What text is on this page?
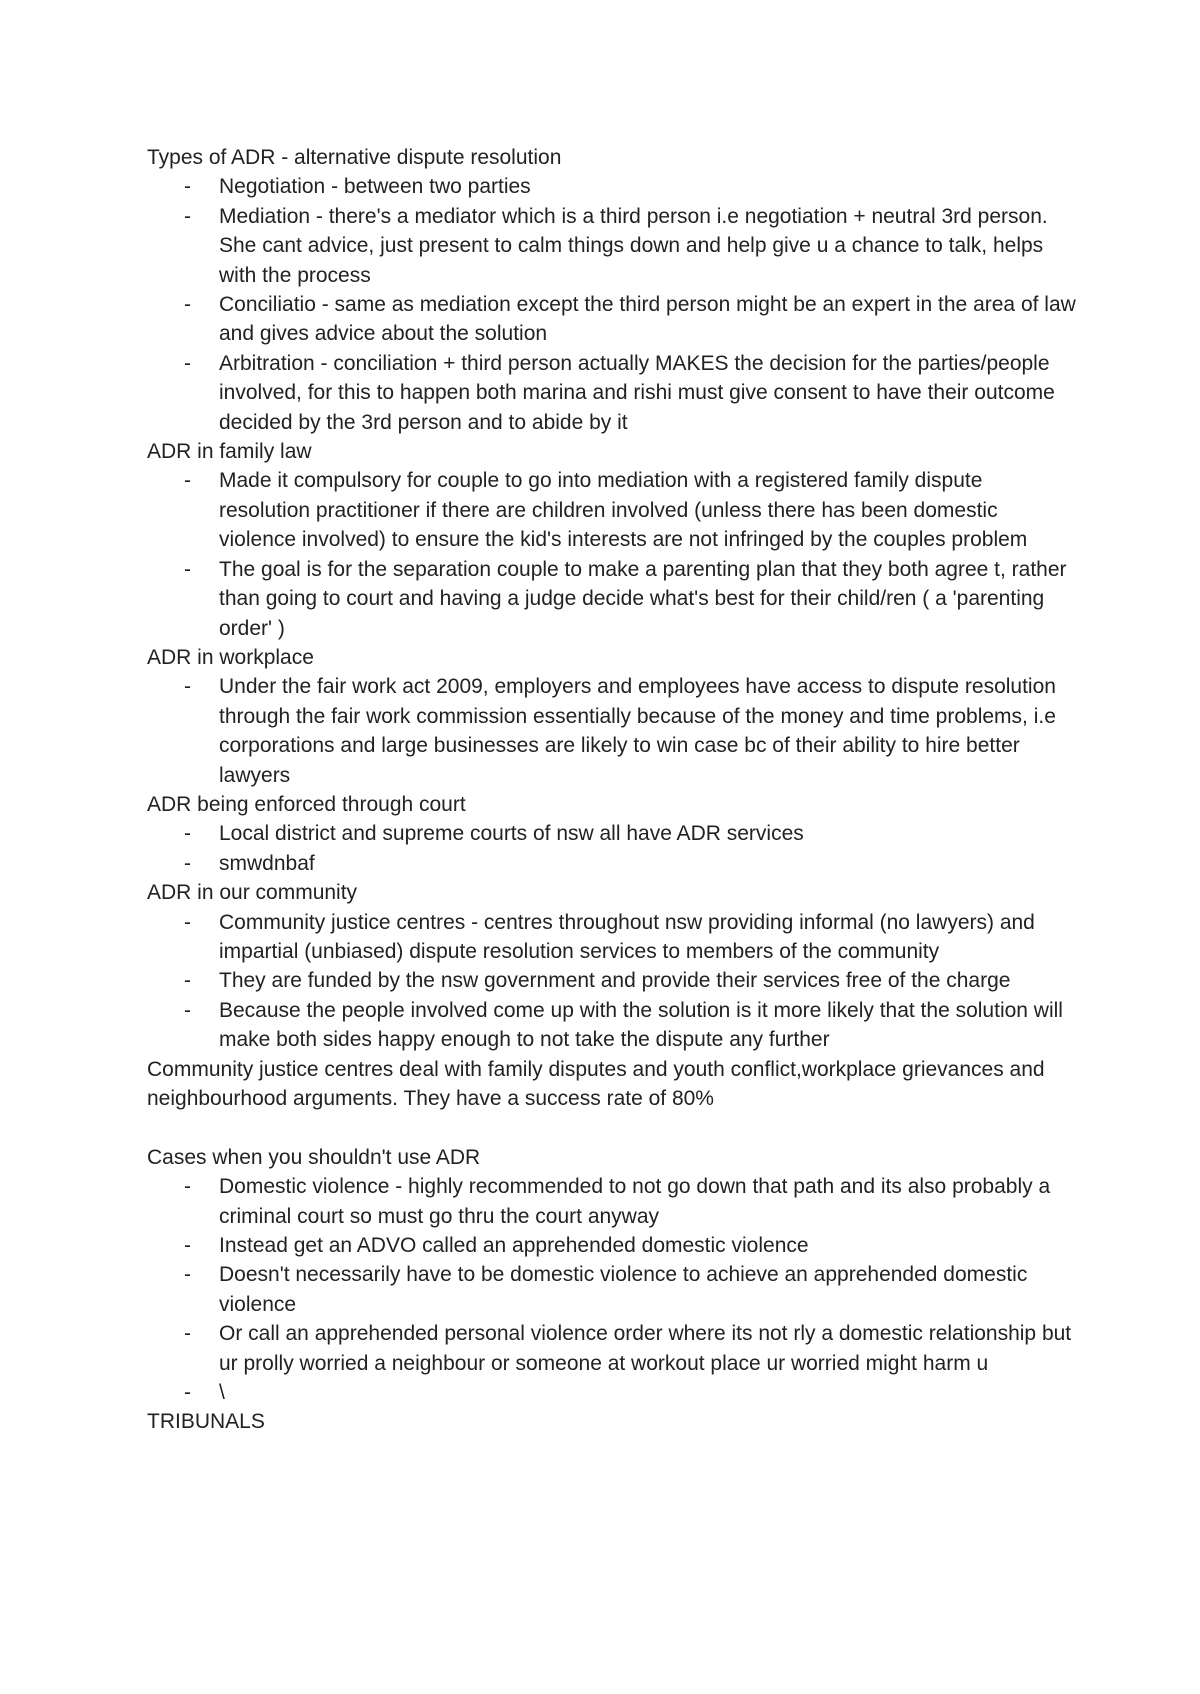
Types of ADR - alternative dispute resolution

- Negotiation - between two parties
- Mediation - there's a mediator which is a third person i.e negotiation + neutral 3rd person. She cant advice, just present to calm things down and help give u a chance to talk, helps with the process
- Conciliatio - same as mediation except the third person might be an expert in the area of law and gives advice about the solution
- Arbitration - conciliation + third person actually MAKES the decision for the parties/people involved, for this to happen both marina and rishi must give consent to have their outcome decided by the 3rd person and to abide by it

ADR in family law

- Made it compulsory for couple to go into mediation with a registered family dispute resolution practitioner if there are children involved (unless there has been domestic violence involved) to ensure the kid's interests are not infringed by the couples problem
- The goal is for the separation couple to make a parenting plan that they both agree t, rather than going to court and having a judge decide what's best for their child/ren ( a 'parenting order' )

ADR in workplace

- Under the fair work act 2009, employers and employees have access to dispute resolution through the fair work commission essentially because of the money and time problems, i.e corporations and large businesses are likely to win case bc of their ability to hire better lawyers

ADR being enforced through court

- Local district and supreme courts of nsw all have ADR services
- smwdnbaf

ADR in our community

- Community justice centres - centres throughout nsw providing informal (no lawyers) and impartial (unbiased) dispute resolution services to members of the community
- They are funded by the nsw government and provide their services free of the charge
- Because the people involved come up with the solution is it more likely that the solution will make both sides happy enough to not take the dispute any further

Community justice centres deal with family disputes and youth conflict,workplace grievances and neighbourhood arguments. They have a success rate of 80%

Cases when you shouldn't use ADR

- Domestic violence - highly recommended to not go down that path and its also probably a criminal court so must go thru the court anyway
- Instead get an ADVO called an apprehended domestic violence
- Doesn't necessarily have to be domestic violence to achieve an apprehended domestic violence
- Or call an apprehended personal violence order where its not rly a domestic relationship but ur prolly worried a neighbour or someone at workout place ur worried might harm u
- \

TRIBUNALS
